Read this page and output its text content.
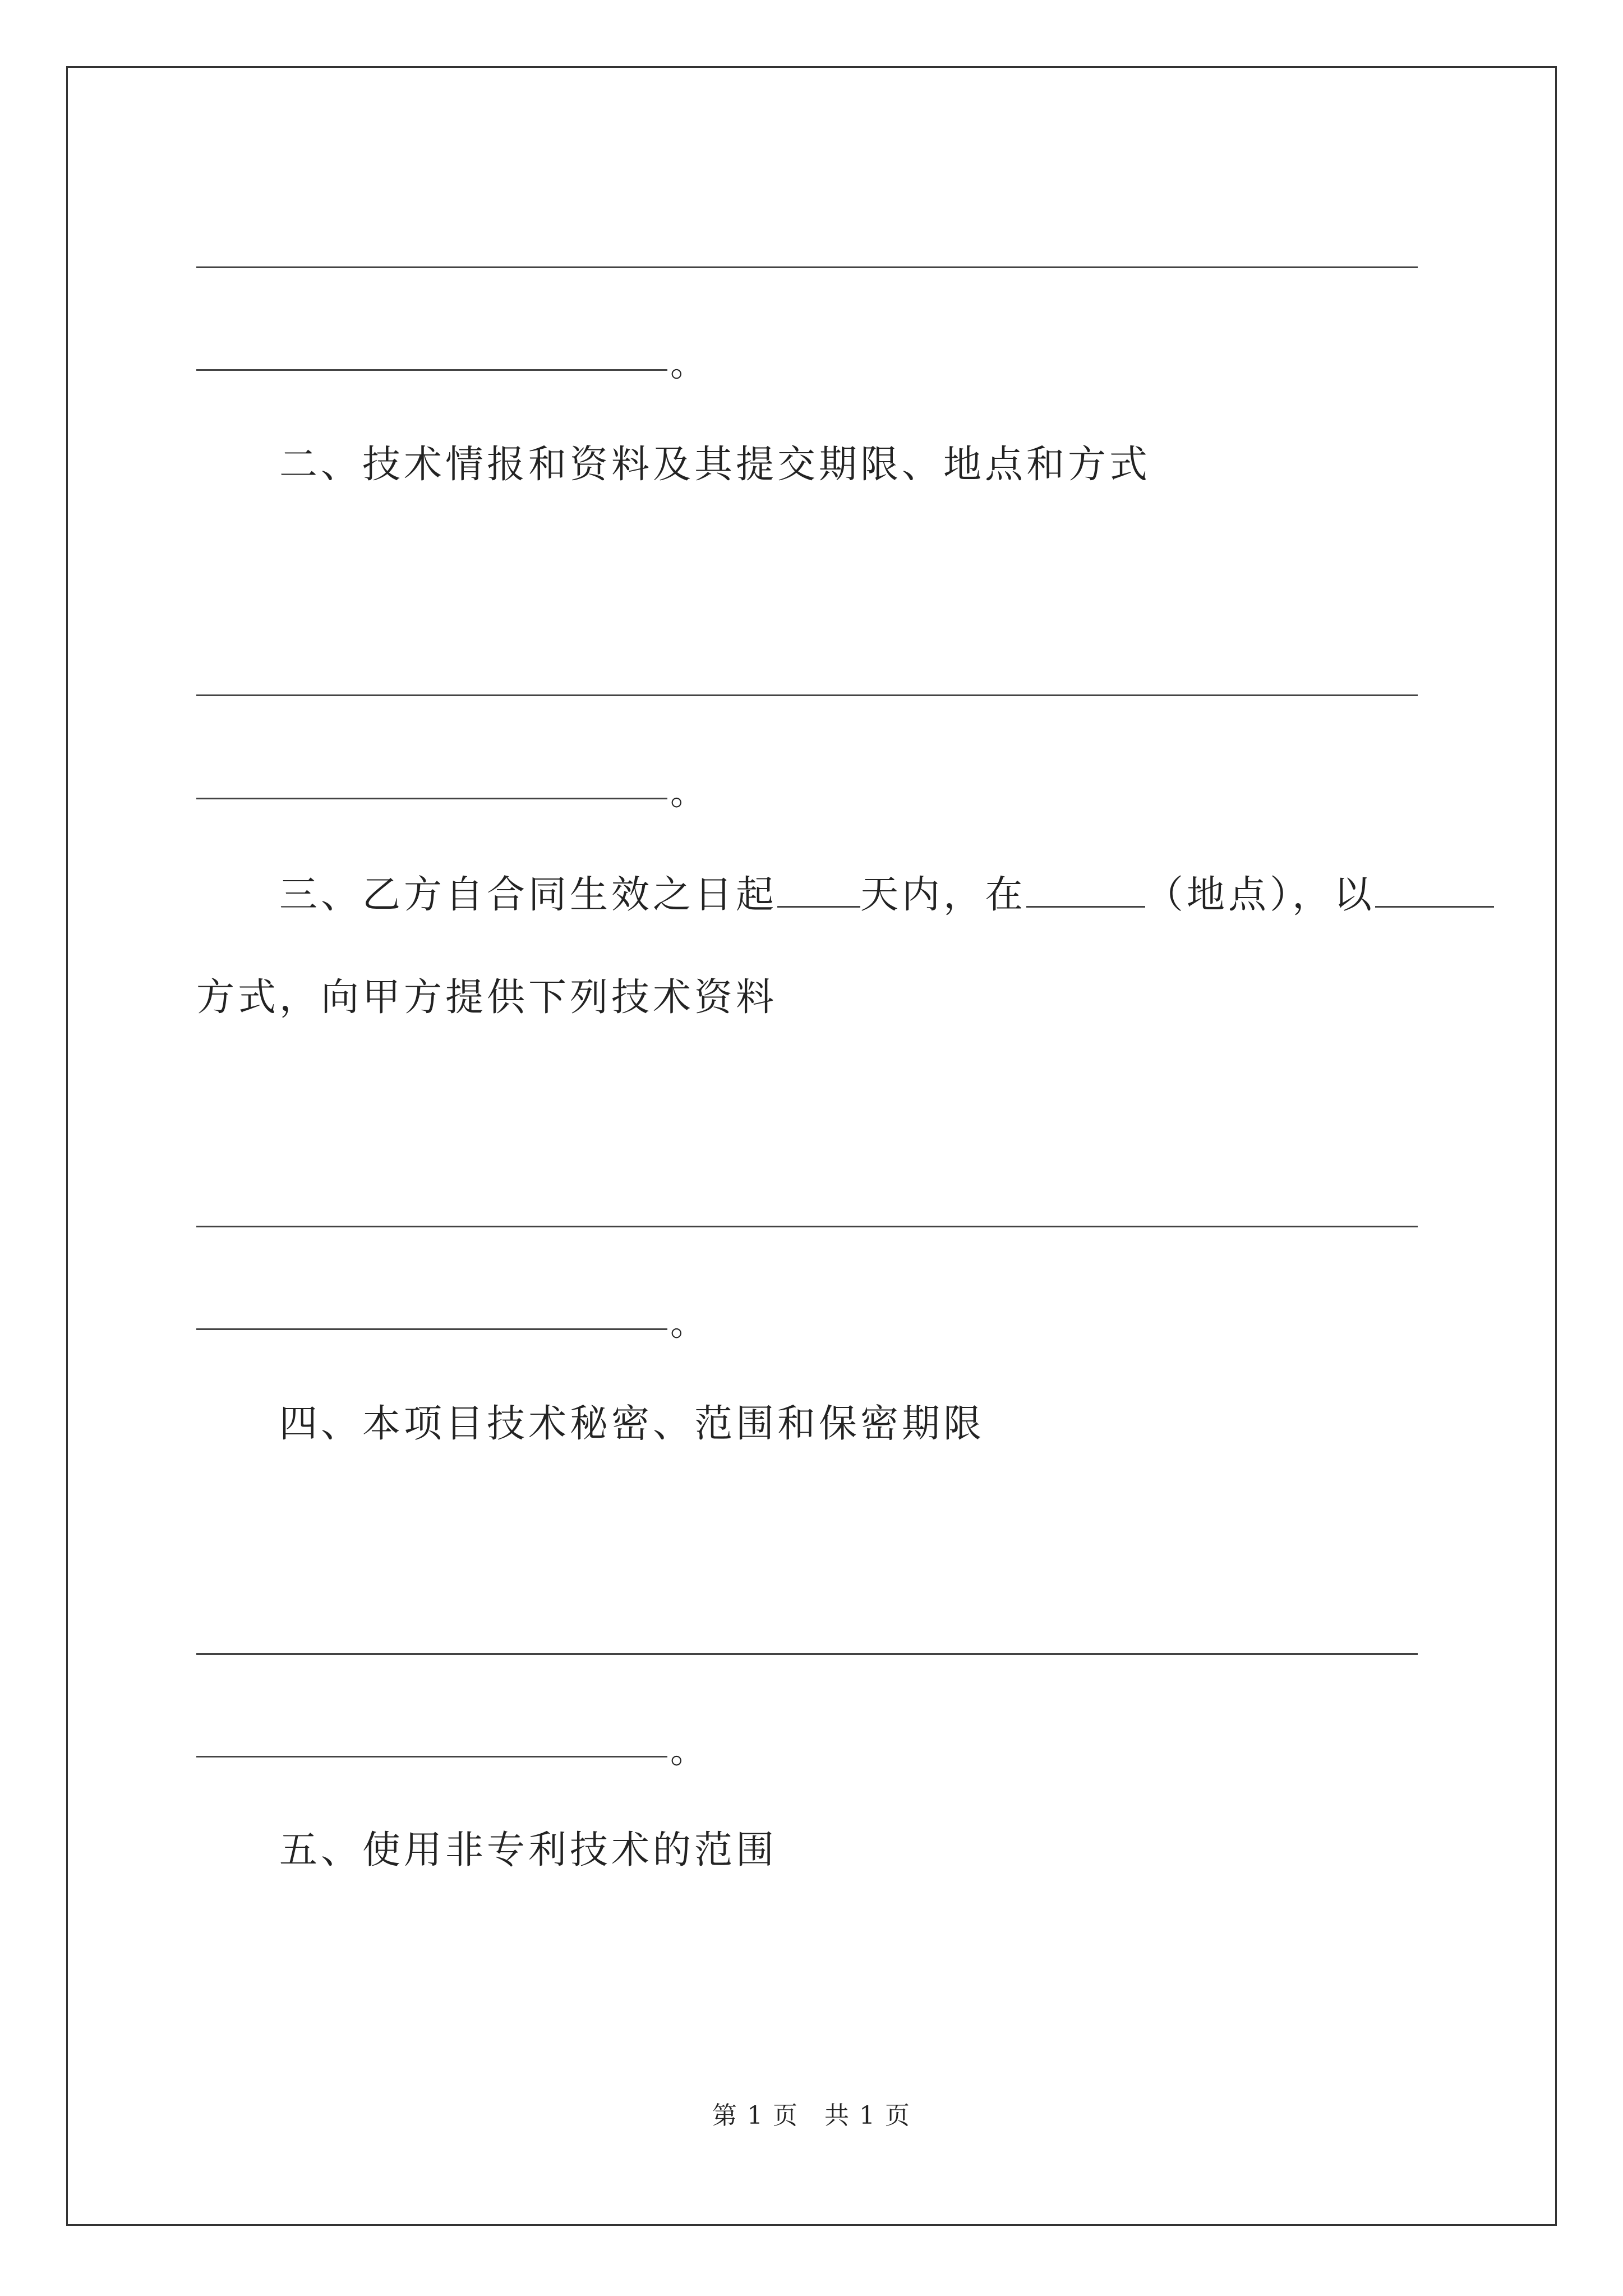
。
二、技术情报和资料及其提交期限、地点和方式
。
三、乙方自合同生效之日起 天内，在	（地点），以
方式，向甲方提供下列技术资料
。
四、本项目技术秘密、范围和保密期限
。
五、使用非专利技术的范围
第 1 页　共 1 页
